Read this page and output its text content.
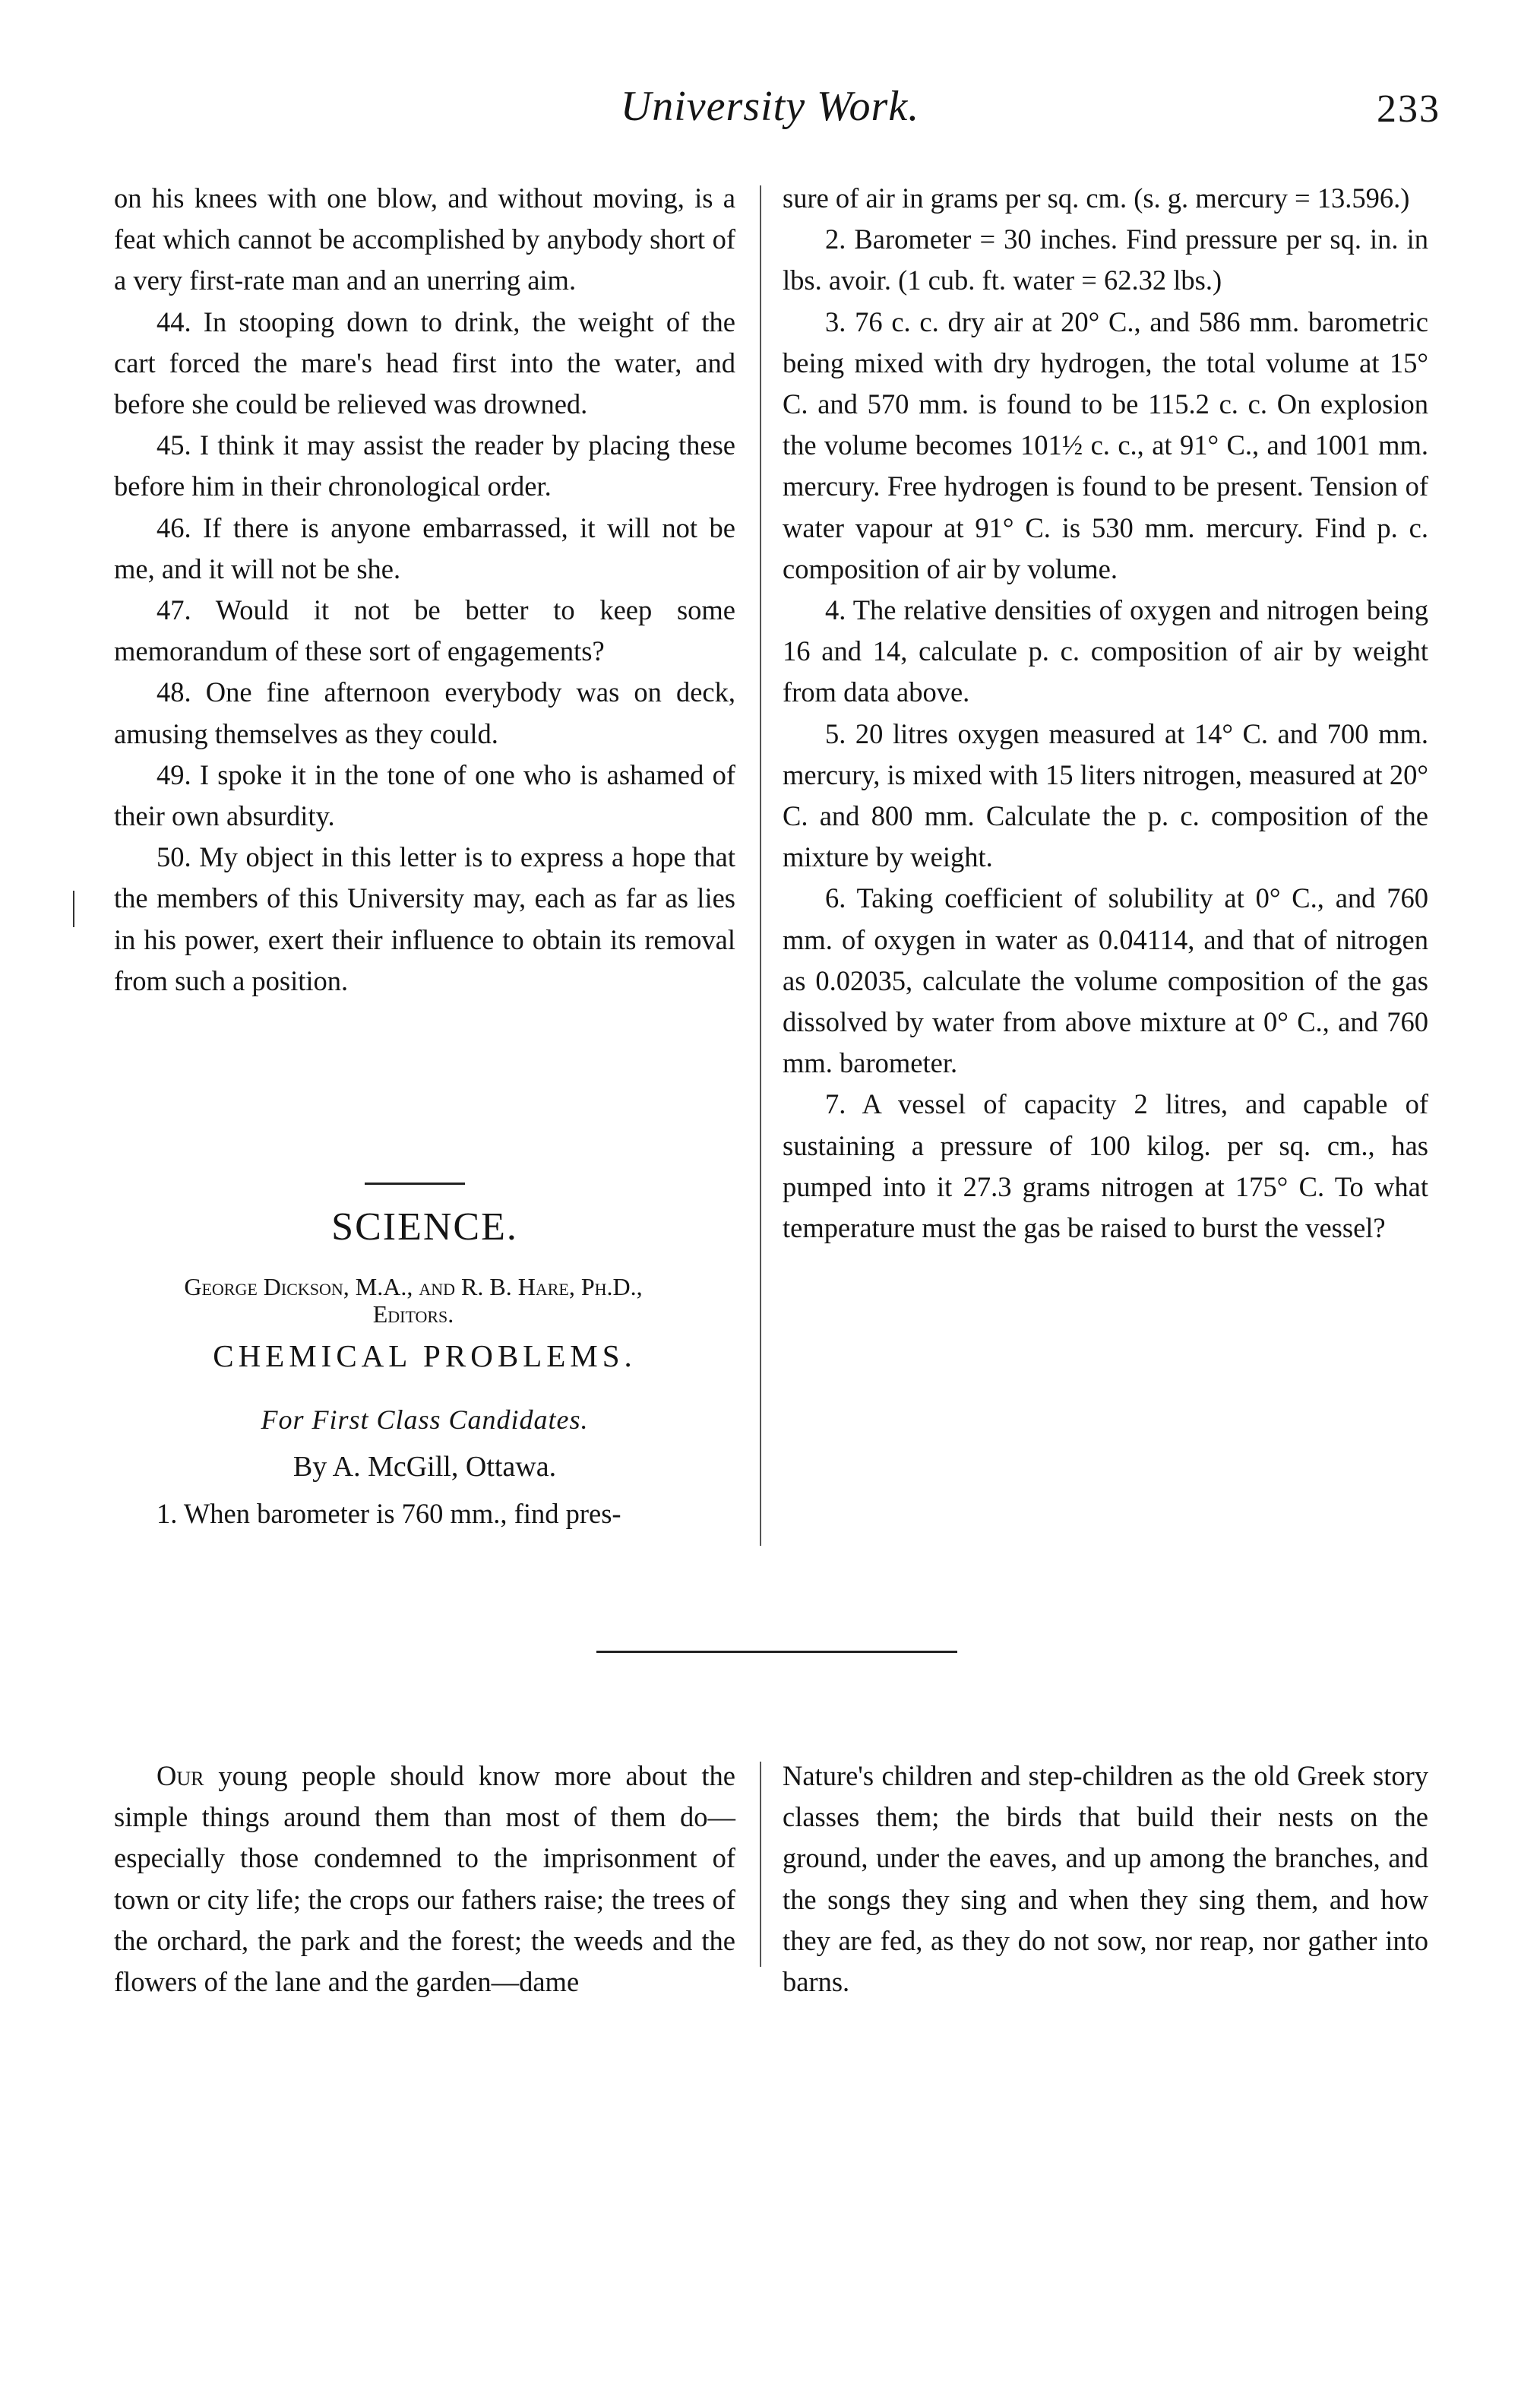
University Work.	233

on his knees with one blow, and without moving, is a feat which cannot be accomplished by anybody short of a very first-rate man and an unerring aim.

44. In stooping down to drink, the weight of the cart forced the mare's head first into the water, and before she could be relieved was drowned.

45. I think it may assist the reader by placing these before him in their chronological order.

46. If there is anyone embarrassed, it will not be me, and it will not be she.

47. Would it not be better to keep some memorandum of these sort of engagements?

48. One fine afternoon everybody was on deck, amusing themselves as they could.

49. I spoke it in the tone of one who is ashamed of their own absurdity.

50. My object in this letter is to express a hope that the members of this University may, each as far as lies in his power, exert their influence to obtain its removal from such a position.

SCIENCE.
George Dickson, M.A., and R. B. Hare, Ph.D., Editors.
CHEMICAL PROBLEMS.
For First Class Candidates.
By A. McGill, Ottawa.

1. When barometer is 760 mm., find pres-

sure of air in grams per sq. cm. (s. g. mercury = 13.596.)

2. Barometer = 30 inches. Find pressure per sq. in. in lbs. avoir. (1 cub. ft. water = 62.32 lbs.)

3. 76 c. c. dry air at 20° C., and 586 mm. barometric being mixed with dry hydrogen, the total volume at 15° C. and 570 mm. is found to be 115.2 c. c. On explosion the volume becomes 101½ c. c., at 91° C., and 1001 mm. mercury. Free hydrogen is found to be present. Tension of water vapour at 91° C. is 530 mm. mercury. Find p. c. composition of air by volume.

4. The relative densities of oxygen and nitrogen being 16 and 14, calculate p. c. composition of air by weight from data above.

5. 20 litres oxygen measured at 14° C. and 700 mm. mercury, is mixed with 15 liters nitrogen, measured at 20° C. and 800 mm. Calculate the p. c. composition of the mixture by weight.

6. Taking coefficient of solubility at 0° C., and 760 mm. of oxygen in water as 0.04114, and that of nitrogen as 0.02035, calculate the volume composition of the gas dissolved by water from above mixture at 0° C., and 760 mm. barometer.

7. A vessel of capacity 2 litres, and capable of sustaining a pressure of 100 kilog. per sq. cm., has pumped into it 27.3 grams nitrogen at 175° C. To what temperature must the gas be raised to burst the vessel?

Our young people should know more about the simple things around them than most of them do—especially those condemned to the imprisonment of town or city life; the crops our fathers raise; the trees of the orchard, the park and the forest; the weeds and the flowers of the lane and the garden—dame

Nature's children and step-children as the old Greek story classes them; the birds that build their nests on the ground, under the eaves, and up among the branches, and the songs they sing and when they sing them, and how they are fed, as they do not sow, nor reap, nor gather into barns.
